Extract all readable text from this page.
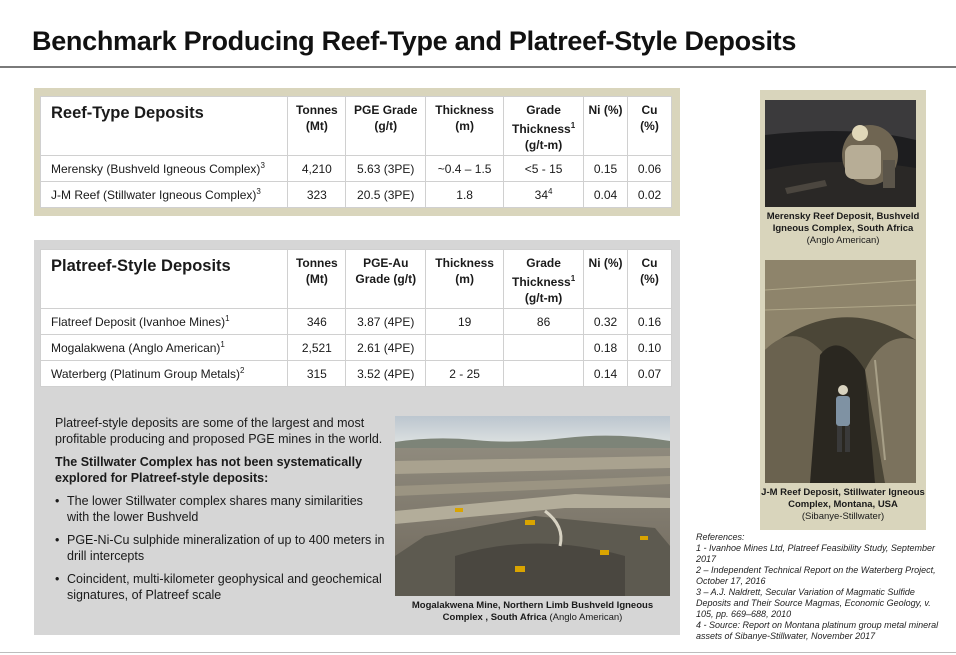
Benchmark Producing Reef-Type and Platreef-Style Deposits
Reef-Type Deposits	Tonnes (Mt)	PGE Grade (g/t)	Thickness (m)	Grade Thickness$^1$
(g/t-m)	Ni (%)	Cu (%)
Merensky (Bushveld Igneous Complex)$^3$	4,210	5.63 (3PE)	~0.4 – 1.5	<5 - 15	0.15	0.06
J-M Reef (Stillwater Igneous Complex)$^3$	323	20.5 (3PE)	1.8	$34^4$	0.04	0.02
Platreef-Style Deposits	Tonnes (Mt)	PGE-Au Grade (g/t)	Thickness (m)	Grade Thickness$^1$
(g/t-m)	Ni (%)	Cu (%)
Flatreef Deposit (Ivanhoe Mines)$^1$	346	3.87 (4PE)	19	86	0.32	0.16
Mogalakwena (Anglo American)$^1$	2,521	2.61 (4PE)			0.18	0.10
Waterberg (Platinum Group Metals)$^2$	315	3.52 (4PE)	2 - 25		0.14	0.07

Platreef-style deposits are some of the largest and most profitable producing and proposed PGE mines in the world.

The Stillwater Complex has not been systematically explored for Platreef-style deposits:

• The lower Stillwater complex shares many similarities with the lower Bushveld
• PGE-Ni-Cu sulphide mineralization of up to 400 meters in drill intercepts
• Coincident, multi-kilometer geophysical and geochemical signatures, of Platreef scale
Mogalakwena Mine, Northern Limb Bushveld Igneous Complex , South Africa (Anglo American)
Merensky Reef Deposit, Bushveld Igneous Complex, South Africa (Anglo American)
J-M Reef Deposit, Stillwater Igneous Complex, Montana, USA
(Sibanye-Stillwater)
References:
1 - Ivanhoe Mines Ltd, Platreef Feasibility Study, September 2017
2 – Independent Technical Report on the Waterberg Project, October 17, 2016
3 – A.J. Naldrett, Secular Variation of Magmatic Sulfide Deposits and Their Source Magmas, Economic Geology, v. 105, pp. 669–688, 2010
4 - Source: Report on Montana platinum group metal mineral assets of Sibanye-Stillwater, November 2017
